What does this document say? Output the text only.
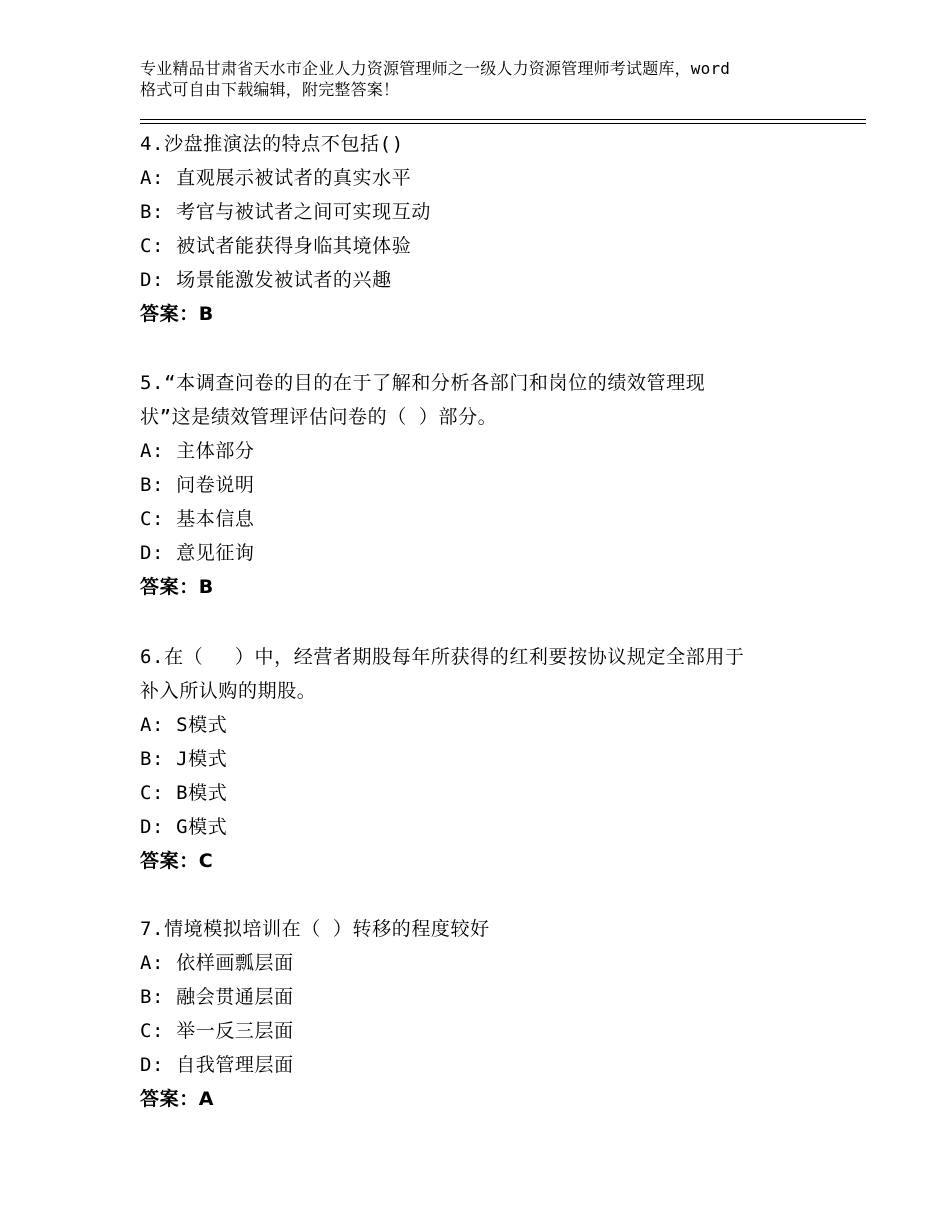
专业精品甘肃省天水市企业人力资源管理师之一级人力资源管理师考试题库，word
格式可自由下载编辑，附完整答案！

4.沙盘推演法的特点不包括()

A: 直观展示被试者的真实水平

B: 考官与被试者之间可实现互动

C: 被试者能获得身临其境体验

D: 场景能激发被试者的兴趣

答案：B

5.“本调查问卷的目的在于了解和分析各部门和岗位的绩效管理现

状”这是绩效管理评估问卷的（ ）部分。

A: 主体部分

B: 问卷说明

C: 基本信息

D: 意见征询

答案：B

6.在（　 ）中，经营者期股每年所获得的红利要按协议规定全部用于

补入所认购的期股。

A: S模式

B: J模式

C: B模式

D: G模式

答案：C

7.情境模拟培训在（ ）转移的程度较好

A: 依样画瓢层面

B: 融会贯通层面

C: 举一反三层面

D: 自我管理层面

答案：A
